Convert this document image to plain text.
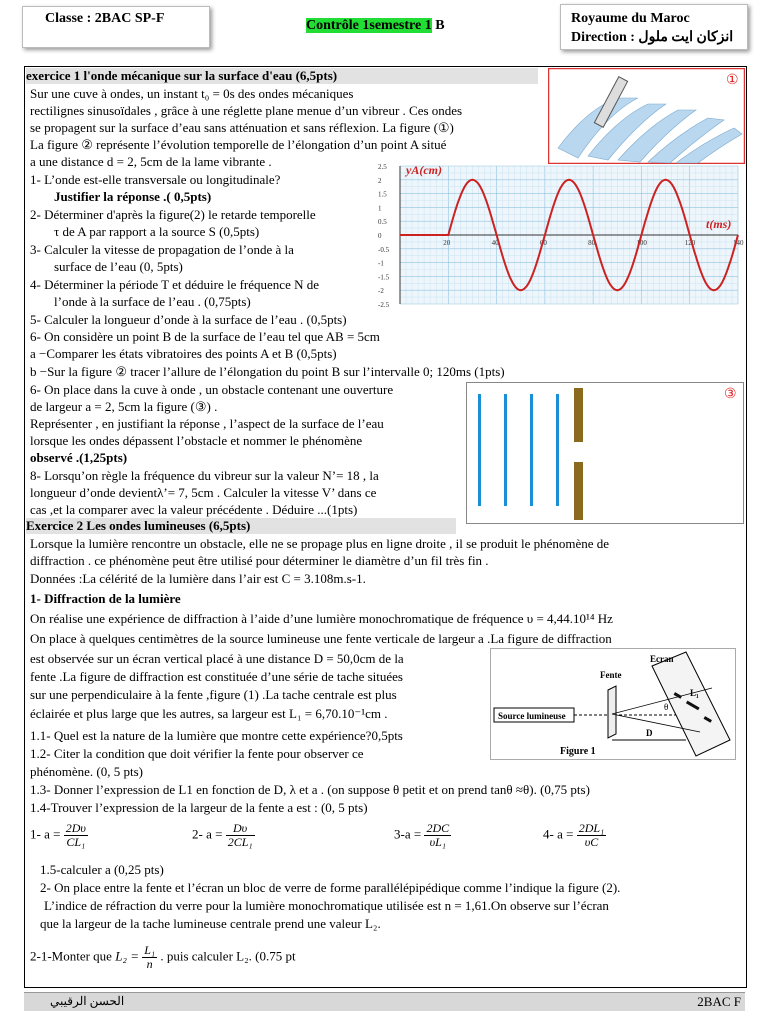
Classe : 2BAC SP-F	Contrôle 1semestre 1 B	Royaume du Maroc
Direction : انزكان ايت ملول
exercice 1 l'onde mécanique sur la surface d'eau (6,5pts)
Sur une cuve à ondes, un instant t₀ = 0s des ondes mécaniques
rectilignes sinusoïdales , grâce à une réglette plane menue d’un vibreur . Ces ondes
se propagent sur la surface d’eau sans atténuation et sans réflexion. La figure (①)
La figure ② représente l’évolution temporelle de l’élongation d’un point A situé
a une distance d = 2, 5cm de la lame vibrante .
1- L’onde est-elle transversale ou longitudinale?
Justifier la réponse .( 0,5pts)
2- Déterminer d'après la figure(2) le retarde temporelle
τ de A par rapport a la source S (0,5pts)
3- Calculer la vitesse de propagation de l’onde à la
surface de l’eau (0, 5pts)
4- Déterminer la période T et déduire le fréquence N de
l’onde à la surface de l’eau . (0,75pts)
5- Calculer la longueur d’onde à la surface de l’eau . (0,5pts)
6- On considère un point B de la surface de l’eau tel que AB = 5cm
a −Comparer les états vibratoires des points A et B (0,5pts)
b −Sur la figure ② tracer l’allure de l’élongation du point B sur l’intervalle 0; 120ms (1pts)
6- On place dans la cuve à onde , un obstacle contenant une ouverture
de largeur a = 2, 5cm la figure (③) .
Représenter , en justifiant la réponse , l’aspect de la surface de l’eau
lorsque les ondes dépassent l’obstacle et nommer le phénomène
observé .(1,25pts)
8- Lorsqu’on règle la fréquence du vibreur sur la valeur N’= 18 , la
longueur d’onde devientλ’= 7, 5cm . Calculer la vitesse V’ dans ce
cas ,et la comparer avec la valeur précédente . Déduire ...(1pts)
①
2.5
2
1.5
1
0.5
0
-0.5
-1
-1.5
-2
-2.5
20	40	60	80	100	120	140
yA(cm)
t(ms)
③
Exercice 2 Les ondes lumineuses (6,5pts)
Lorsque la lumière rencontre un obstacle, elle ne se propage plus en ligne droite , il se produit le phénomène de
diffraction . ce phénomène peut être utilisé pour déterminer le diamètre d’un fil très fin .
Données :La célérité de la lumière dans l’air est C = 3.108m.s-1.
1- Diffraction de la lumière
On réalise une expérience de diffraction à l’aide d’une lumière monochromatique de fréquence υ = 4,44.10¹⁴ Hz
On place à quelques centimètres de la source lumineuse une fente verticale de largeur a .La figure de diffraction
est observée sur un écran vertical placé à une distance D = 50,0cm de la
fente .La figure de diffraction est constituée d’une série de tache situées
sur une perpendiculaire à la fente ,figure (1) .La tache centrale est plus
éclairée et plus large que les autres, sa largeur est L₁ = 6,70.10⁻¹cm .	Source lumineuse
Fente
Ecran
L₁
θ
D
Figure 1
1.1- Quel est la nature de la lumière que montre cette expérience?0,5pts
1.2- Citer la condition que doit vérifier la fente pour observer ce
phénomène. (0, 5 pts)
1.3- Donner l’expression de L1 en fonction de D, λ et a . (on suppose θ petit et on prend tanθ ≈θ). (0,75 pts)
1.4-Trouver l’expression de la largeur de la fente a est : (0, 5 pts)
1- $a = \frac{2D\upsilon}{\text{CL₁}}$	2- $a = \frac{D\upsilon}{\text{2CL₁}}$	$3-a = \frac{2DC}{\text{υL₁}}$	4- $a = \frac{\text{2DL₁}}{\upsilon C}$
1.5-calculer a (0,25 pts)
2- On place entre la fente et l’écran un bloc de verre de forme parallélépipédique comme l’indique la figure (2).
L’indice de réfraction du verre pour la lumière monochromatique utilisée est n = 1,61.On observe sur l’écran
que la largeur de la tache lumineuse centrale prend une valeur L₂.
2-1-Monter que $L_2 = \frac{\text{L₁}}{n}$ . puis calculer L₂. (0.75 pt
الحسن الرقيبي	2BAC F
